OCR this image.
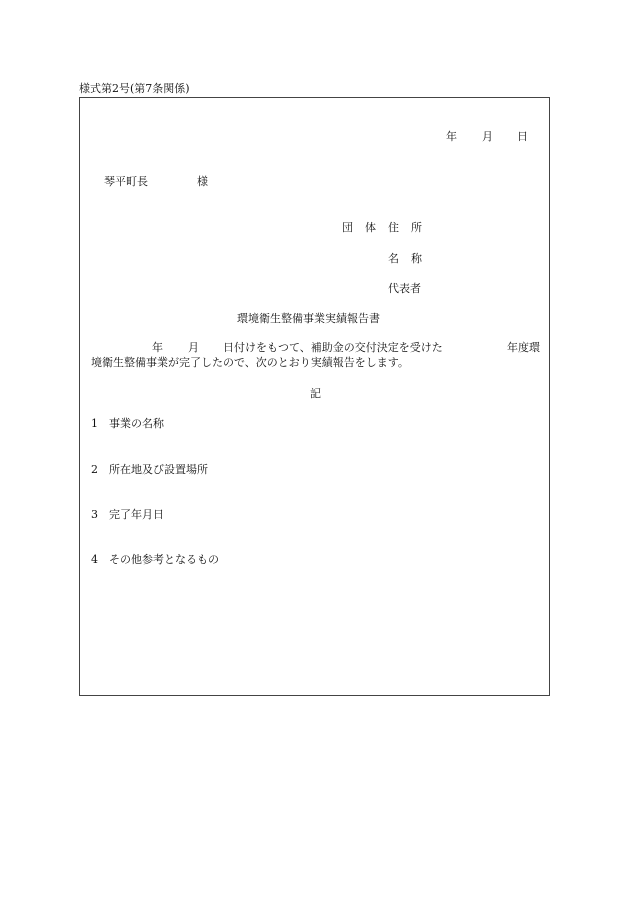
様式第2号(第7条関係)
年 月 日
琴平町長	様
団 体 住 所
名 称
代表者
環境衛生整備事業実績報告書
年 月 日付けをもつて、補助金の交付決定を受けた	年度環
境衛生整備事業が完了したので、次のとおり実績報告をします。
記
1 事業の名称
2 所在地及び設置場所
3 完了年月日
4 その他参考となるもの
